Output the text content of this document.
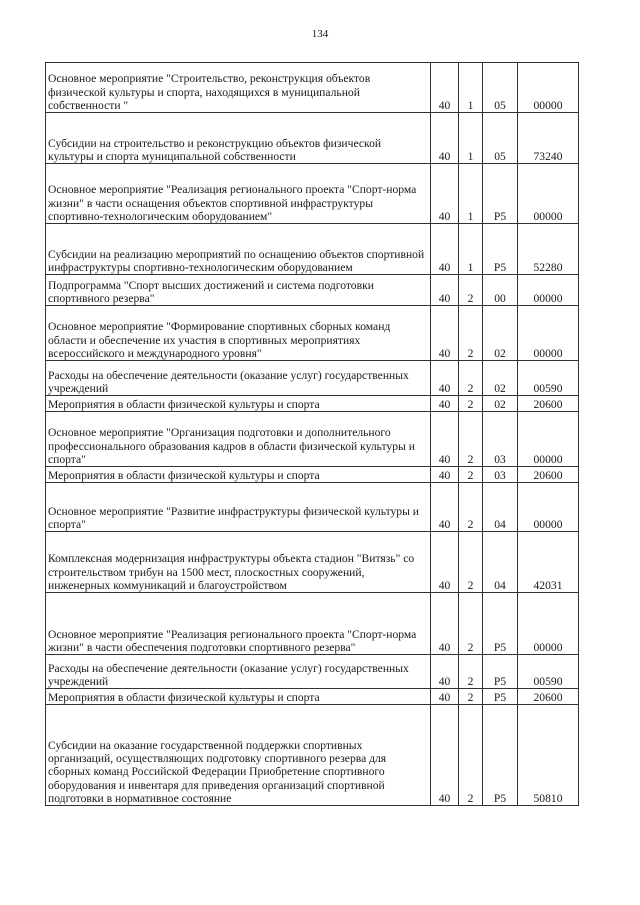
134
Основное мероприятие "Строительство, реконструкция объектов физической культуры и спорта, находящихся в муниципальной собственности "	40	1	05	00000
Субсидии на строительство и реконструкцию объектов физической культуры и спорта муниципальной собственности	40	1	05	73240
Основное мероприятие "Реализация регионального проекта "Спорт-норма жизни" в части оснащения объектов спортивной инфраструктуры спортивно-технологическим оборудованием"	40	1	P5	00000
Субсидии на реализацию мероприятий по оснащению объектов спортивной инфраструктуры спортивно-технологическим оборудованием	40	1	P5	52280
Подпрограмма "Спорт высших достижений и система подготовки спортивного резерва"	40	2	00	00000
Основное мероприятие "Формирование спортивных сборных команд области и обеспечение их участия в спортивных мероприятиях всероссийского и международного уровня"	40	2	02	00000
Расходы на обеспечение деятельности (оказание услуг) государственных учреждений	40	2	02	00590
Мероприятия в области физической культуры и спорта	40	2	02	20600
Основное мероприятие "Организация подготовки и дополнительного профессионального образования кадров в области физической культуры и спорта"	40	2	03	00000
Мероприятия в области физической культуры и спорта	40	2	03	20600
Основное мероприятие "Развитие инфраструктуры физической культуры и спорта"	40	2	04	00000
Комплексная модернизация инфраструктуры объекта стадион "Витязь" со строительством трибун на 1500 мест, плоскостных сооружений, инженерных коммуникаций и благоустройством	40	2	04	42031
Основное мероприятие "Реализация регионального проекта "Спорт-норма жизни" в части обеспечения подготовки спортивного резерва"	40	2	P5	00000
Расходы на обеспечение деятельности (оказание услуг) государственных учреждений	40	2	P5	00590
Мероприятия в области физической культуры и спорта	40	2	P5	20600
Субсидии на оказание государственной поддержки спортивных организаций, осуществляющих подготовку спортивного резерва для сборных команд Российской Федерации Приобретение спортивного оборудования и инвентаря для приведения организаций спортивной подготовки в нормативное состояние	40	2	P5	50810
